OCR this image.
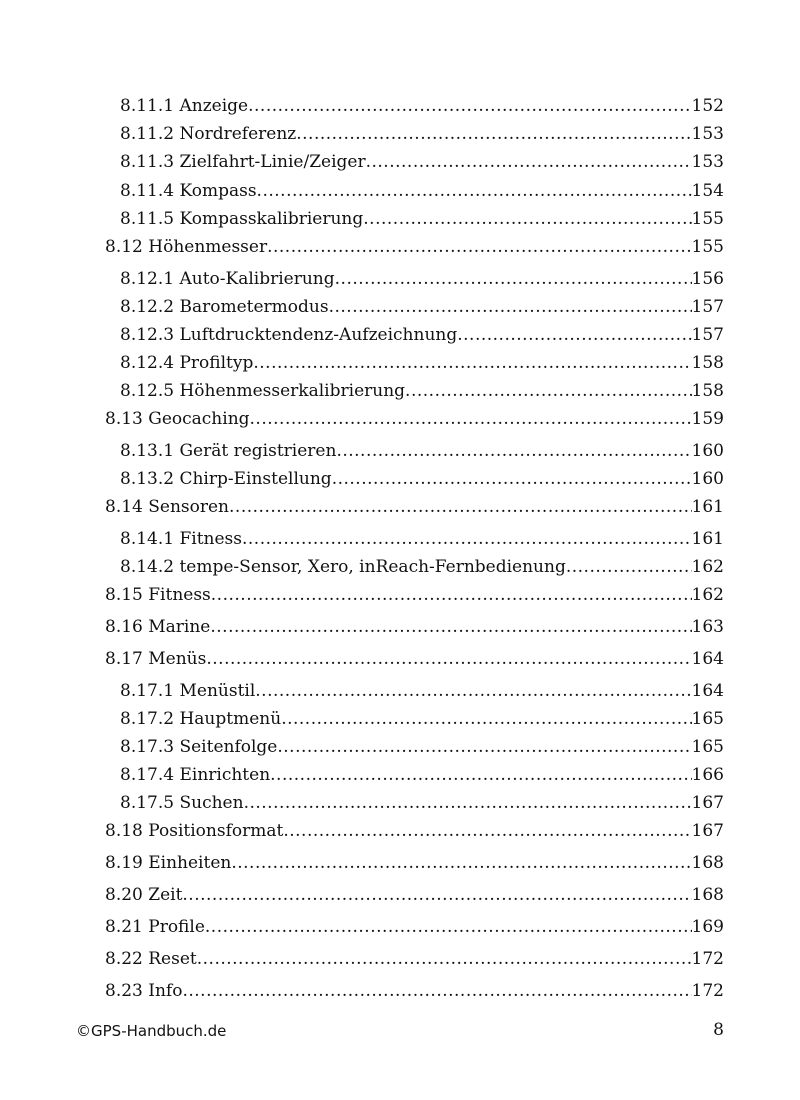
8.11.1 Anzeige .....	152
8.11.2 Nordreferenz .....	153
8.11.3 Zielfahrt-Linie/Zeiger .....	153
8.11.4 Kompass .....	154
8.11.5 Kompasskalibrierung .....	155
8.12 Höhenmesser .....	155
8.12.1 Auto-Kalibrierung .....	156
8.12.2 Barometermodus .....	157
8.12.3 Luftdrucktendenz-Aufzeichnung .....	157
8.12.4 Profiltyp .....	158
8.12.5 Höhenmesserkalibrierung .....	158
8.13 Geocaching .....	159
8.13.1 Gerät registrieren .....	160
8.13.2 Chirp-Einstellung .....	160
8.14 Sensoren .....	161
8.14.1 Fitness .....	161
8.14.2 tempe-Sensor, Xero, inReach-Fernbedienung .....	162
8.15 Fitness .....	162
8.16 Marine .....	163
8.17 Menüs .....	164
8.17.1 Menüstil .....	164
8.17.2 Hauptmenü .....	165
8.17.3 Seitenfolge .....	165
8.17.4 Einrichten .....	166
8.17.5 Suchen .....	167
8.18 Positionsformat .....	167
8.19 Einheiten .....	168
8.20 Zeit .....	168
8.21 Profile .....	169
8.22 Reset .....	172
8.23 Info .....	172
©GPS-Handbuch.de	8
